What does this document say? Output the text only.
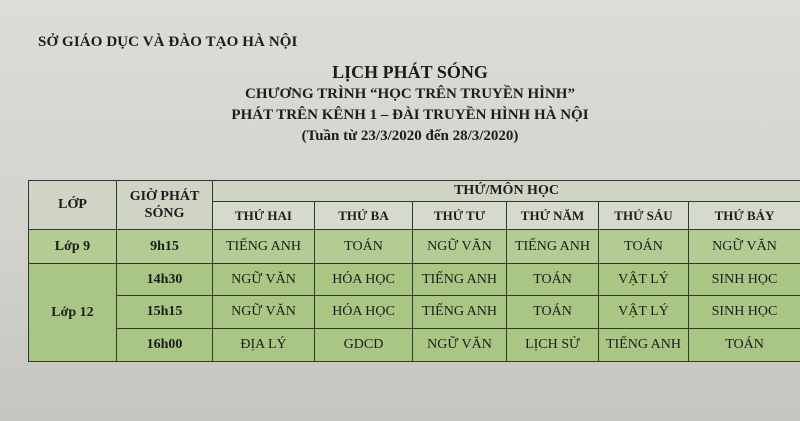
SỞ GIÁO DỤC VÀ ĐÀO TẠO HÀ NỘI
LỊCH PHÁT SÓNG
CHƯƠNG TRÌNH “HỌC TRÊN TRUYỀN HÌNH”
PHÁT TRÊN KÊNH 1 – ĐÀI TRUYỀN HÌNH HÀ NỘI
(Tuần từ 23/3/2020 đến 28/3/2020)
LỚP	GIỜ PHÁT SÓNG	THỨ/MÔN HỌC					
		THỨ HAI	THỨ BA	THỨ TƯ	THỨ NĂM	THỨ SÁU	THỨ BẢY
Lớp 9	9h15	TIẾNG ANH	TOÁN	NGỮ VĂN	TIẾNG ANH	TOÁN	NGỮ VĂN
Lớp 12	14h30	NGỮ VĂN	HÓA HỌC	TIẾNG ANH	TOÁN	VẬT LÝ	SINH HỌC
	15h15	NGỮ VĂN	HÓA HỌC	TIẾNG ANH	TOÁN	VẬT LÝ	SINH HỌC
	16h00	ĐỊA LÝ	GDCD	NGỮ VĂN	LỊCH SỬ	TIẾNG ANH	TOÁN
